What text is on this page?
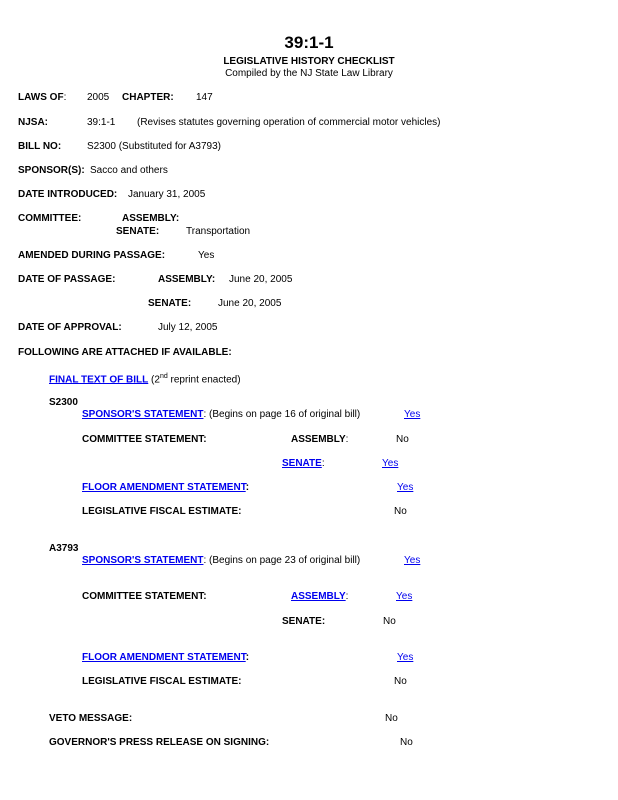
39:1-1
LEGISLATIVE HISTORY CHECKLIST
Compiled by the NJ State Law Library
LAWS OF: 2005 CHAPTER: 147
NJSA:	39:1-1 (Revises statutes governing operation of commercial motor vehicles)
BILL NO:	S2300 (Substituted for A3793)
SPONSOR(S): Sacco and others
DATE INTRODUCED: January 31, 2005
COMMITTEE:	ASSEMBLY:
SENATE:	Transportation
AMENDED DURING PASSAGE:	Yes
DATE OF PASSAGE:	ASSEMBLY: June 20, 2005
SENATE:	June 20, 2005
DATE OF APPROVAL:	July 12, 2005
FOLLOWING ARE ATTACHED IF AVAILABLE:
FINAL TEXT OF BILL (2nd reprint enacted)
S2300
SPONSOR'S STATEMENT: (Begins on page 16 of original bill)	Yes
COMMITTEE STATEMENT:	ASSEMBLY:	No
SENATE:	Yes
FLOOR AMENDMENT STATEMENT:	Yes
LEGISLATIVE FISCAL ESTIMATE:	No
A3793
SPONSOR'S STATEMENT: (Begins on page 23 of original bill)	Yes
COMMITTEE STATEMENT:	ASSEMBLY:	Yes
SENATE:	No
FLOOR AMENDMENT STATEMENT:	Yes
LEGISLATIVE FISCAL ESTIMATE:	No
VETO MESSAGE:	No
GOVERNOR'S PRESS RELEASE ON SIGNING:	No
